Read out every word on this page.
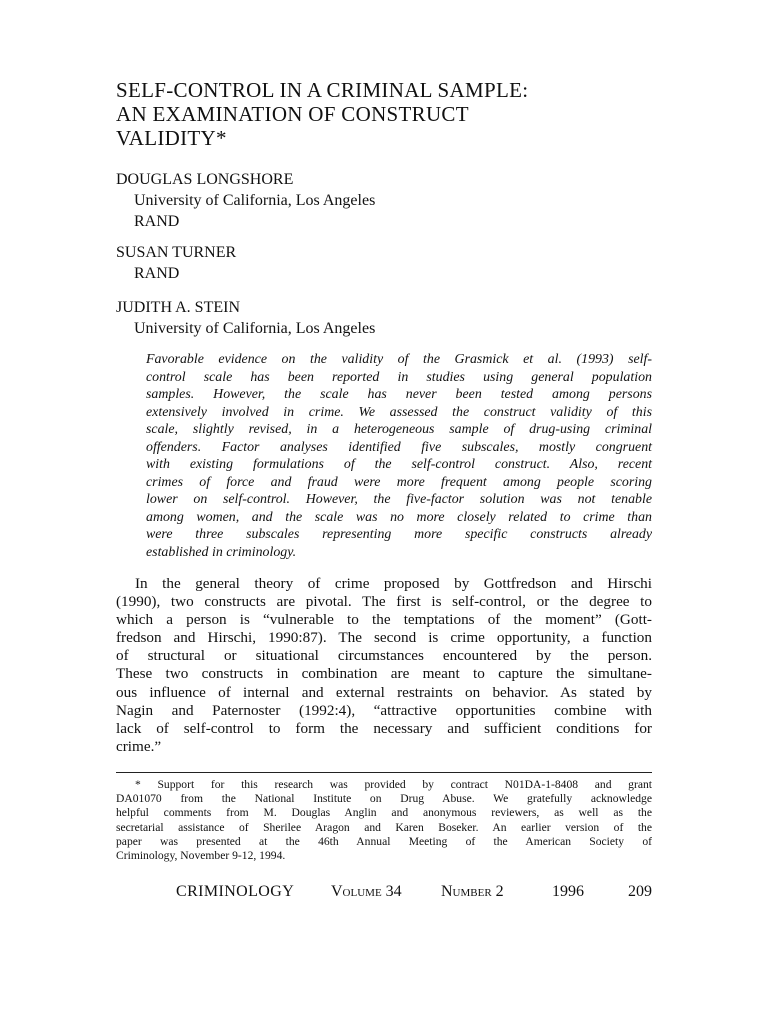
SELF-CONTROL IN A CRIMINAL SAMPLE:
AN EXAMINATION OF CONSTRUCT
VALIDITY*
DOUGLAS LONGSHORE
University of California, Los Angeles
RAND
SUSAN TURNER
RAND
JUDITH A. STEIN
University of California, Los Angeles
Favorable evidence on the validity of the Grasmick et al. (1993) self-
control scale has been reported in studies using general population
samples. However, the scale has never been tested among persons
extensively involved in crime. We assessed the construct validity of this
scale, slightly revised, in a heterogeneous sample of drug-using criminal
offenders. Factor analyses identified five subscales, mostly congruent
with existing formulations of the self-control construct. Also, recent
crimes of force and fraud were more frequent among people scoring
lower on self-control. However, the five-factor solution was not tenable
among women, and the scale was no more closely related to crime than
were three subscales representing more specific constructs already
established in criminology.
In the general theory of crime proposed by Gottfredson and Hirschi
(1990), two constructs are pivotal. The first is self-control, or the degree to
which a person is “vulnerable to the temptations of the moment” (Gott-
fredson and Hirschi, 1990:87). The second is crime opportunity, a function
of structural or situational circumstances encountered by the person.
These two constructs in combination are meant to capture the simultane-
ous influence of internal and external restraints on behavior. As stated by
Nagin and Paternoster (1992:4), “attractive opportunities combine with
lack of self-control to form the necessary and sufficient conditions for
crime.”
* Support for this research was provided by contract N01DA-1-8408 and grant
DA01070 from the National Institute on Drug Abuse. We gratefully acknowledge
helpful comments from M. Douglas Anglin and anonymous reviewers, as well as the
secretarial assistance of Sherilee Aragon and Karen Boseker. An earlier version of the
paper was presented at the 46th Annual Meeting of the American Society of
Criminology, November 9-12, 1994.
CRIMINOLOGY Volume 34 Number 2	1996	209
